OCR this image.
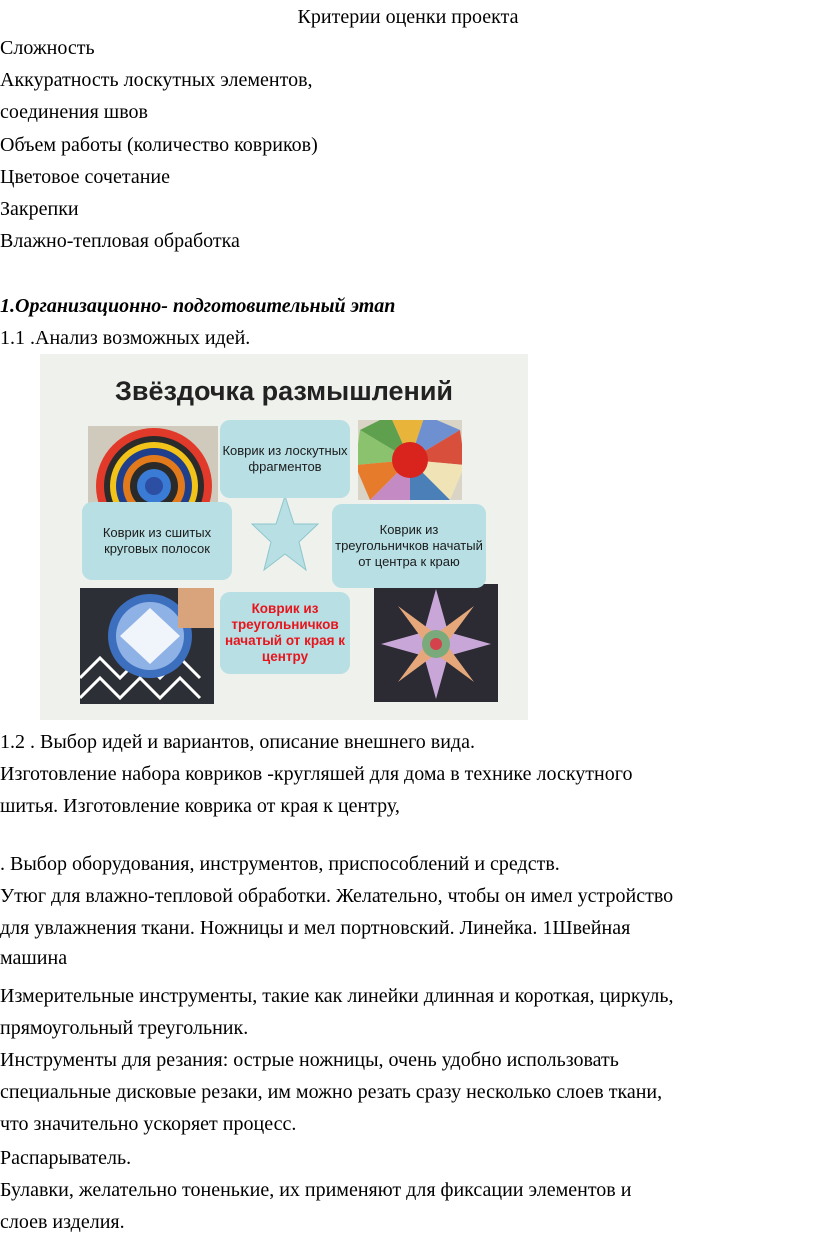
Критерии оценки проекта
Сложность
Аккуратность лоскутных элементов,
соединения швов
Объем работы (количество ковриков)
Цветовое сочетание
Закрепки
Влажно-тепловая обработка
1.Организационно- подготовительный этап
1.1 .Анализ возможных идей.
Звёздочка размышлений
Коврик из лоскутных фрагментов
Коврик из сшитых круговых полосок
Коврик из треугольничков начатый от центра к краю
Коврик из треугольничков начатый от края к центру
1.2 . Выбор идей и вариантов, описание внешнего вида.
Изготовление набора ковриков -кругляшей для дома в технике лоскутного
шитья. Изготовление коврика от края к центру,
. Выбор оборудования, инструментов, приспособлений и средств.
Утюг для влажно-тепловой обработки. Желательно, чтобы он имел устройство
для увлажнения ткани. Ножницы и мел портновский. Линейка. 1Швейная
машина
Измерительные инструменты, такие как линейки длинная и короткая, циркуль,
прямоугольный треугольник.
Инструменты для резания: острые ножницы, очень удобно использовать
специальные дисковые резаки, им можно резать сразу несколько слоев ткани,
что значительно ускоряет процесс.
Распарыватель.
Булавки, желательно тоненькие, их применяют для фиксации элементов и
слоев изделия.
